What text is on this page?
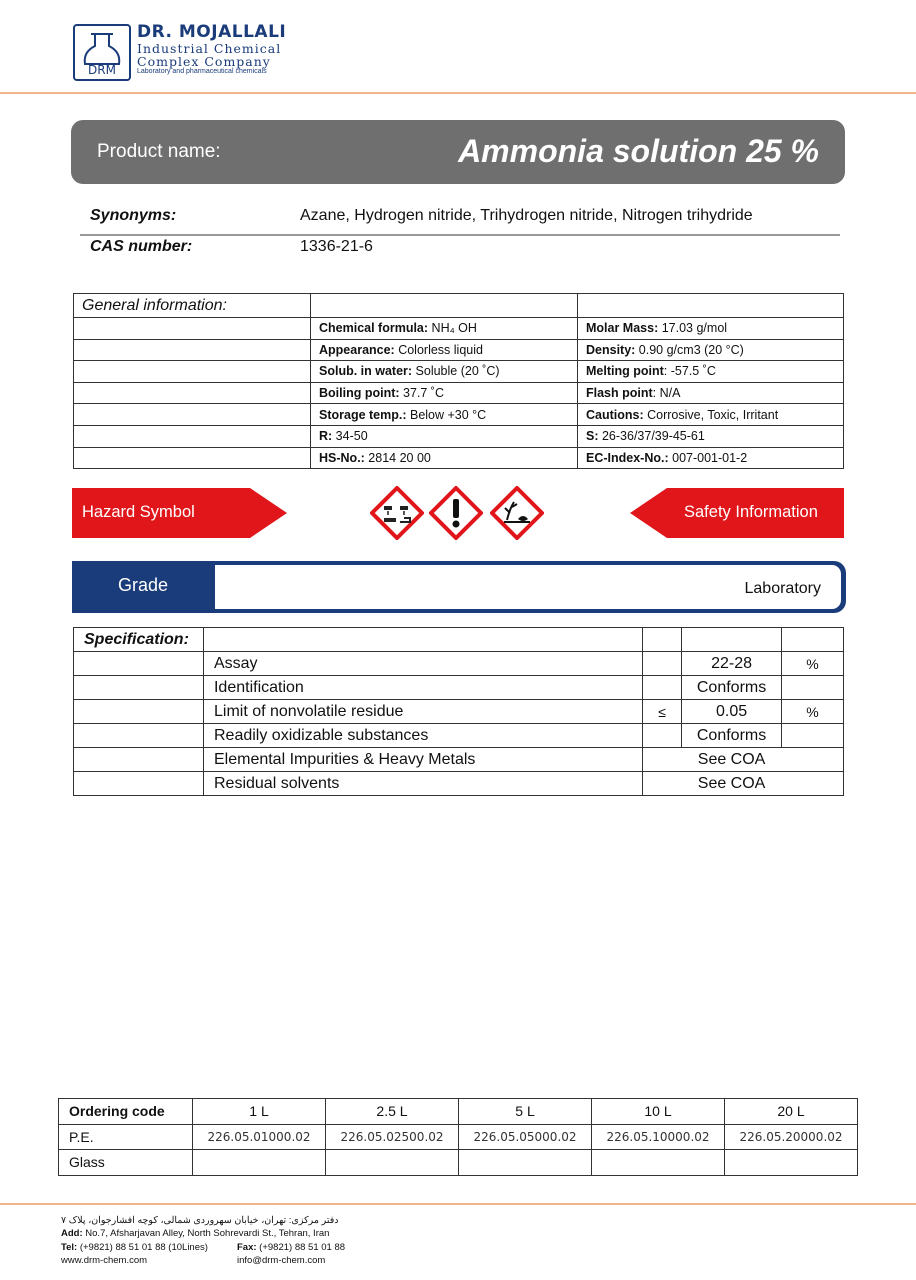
DRM
DR. MOJALLALI
Industrial Chemical
Complex Company
Laboratory and pharmaceutical chemicals
Product name:	Ammonia solution 25 %
Synonyms:	Azane, Hydrogen nitride, Trihydrogen nitride, Nitrogen trihydride
CAS number:	1336-21-6
General information:		
	Chemical formula: NH₄ OH	Molar Mass: 17.03 g/mol
	Appearance: Colorless liquid	Density: 0.90 g/cm3 (20 °C)
	Solub. in water: Soluble (20 ˚C)	Melting point: -57.5 ˚C
	Boiling point: 37.7 ˚C	Flash point: N/A
	Storage temp.: Below +30 °C	Cautions: Corrosive, Toxic, Irritant
	R: 34-50	S: 26-36/37/39-45-61
	HS-No.: 2814 20 00	EC-Index-No.: 007-001-01-2
Hazard Symbol	Safety Information
Grade	Laboratory
Specification:				
	Assay		22-28	%
	Identification		Conforms	
	Limit of nonvolatile residue	≤	0.05	%
	Readily oxidizable substances		Conforms	
	Elemental Impurities & Heavy Metals		See COA	
	Residual solvents		See COA	
Ordering code	1 L	2.5 L	5 L	10 L	20 L
P.E.	226.05.01000.02	226.05.02500.02	226.05.05000.02	226.05.10000.02	226.05.20000.02
Glass					
دفتر مرکزی: تهران، خیابان سهروردی شمالی، کوچه افشارجوان، پلاک ۷
Add: No.7, Afsharjavan Alley, North Sohrevardi St., Tehran, Iran
Tel: (+9821) 88 51 01 88 (10Lines)	Fax: (+9821) 88 51 01 88
www.drm-chem.com	info@drm-chem.com
